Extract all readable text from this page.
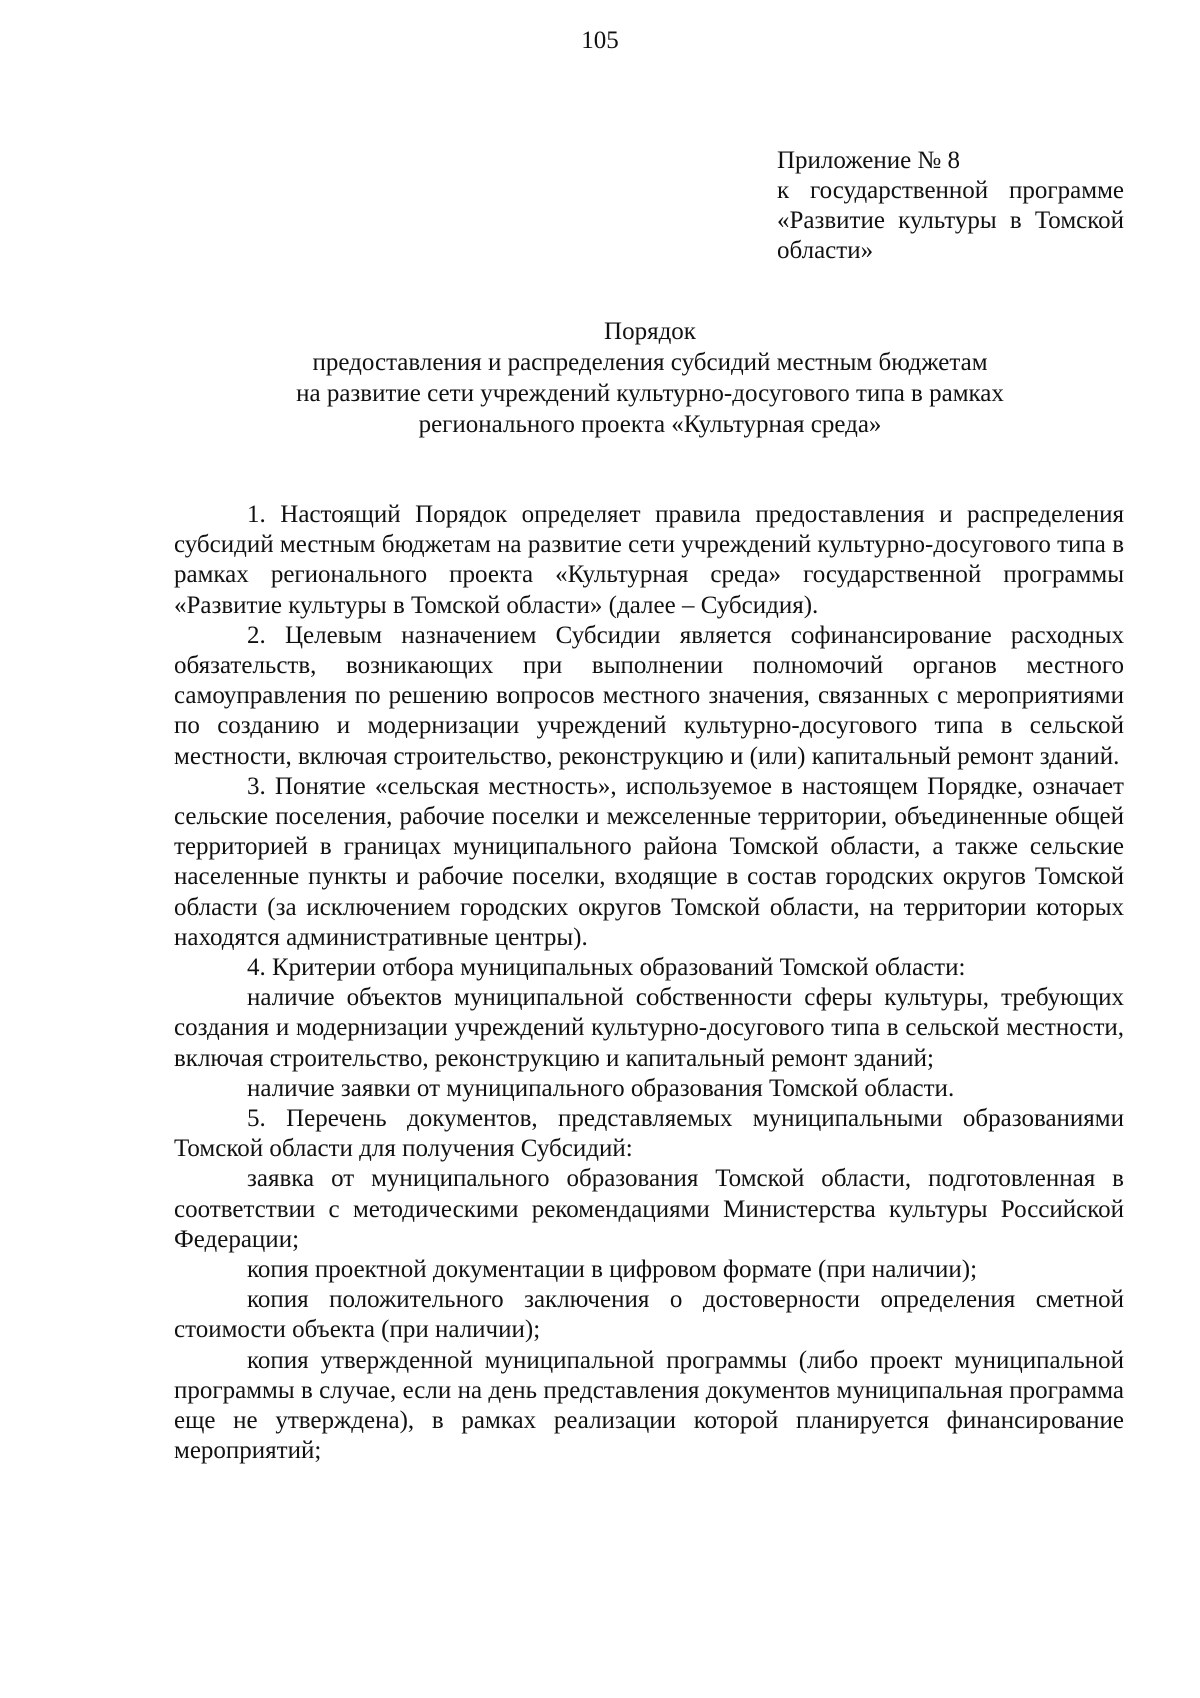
105
Приложение № 8
к государственной программе
«Развитие культуры в Томской
области»
Порядок
предоставления и распределения субсидий местным бюджетам
на развитие сети учреждений культурно-досугового типа в рамках
регионального проекта «Культурная среда»

1. Настоящий Порядок определяет правила предоставления и распределения субсидий местным бюджетам на развитие сети учреждений культурно-досугового типа в рамках регионального проекта «Культурная среда» государственной программы «Развитие культуры в Томской области» (далее – Субсидия).

2. Целевым назначением Субсидии является софинансирование расходных обязательств, возникающих при выполнении полномочий органов местного самоуправления по решению вопросов местного значения, связанных с мероприятиями по созданию и модернизации учреждений культурно-досугового типа в сельской местности, включая строительство, реконструкцию и (или) капитальный ремонт зданий.

3. Понятие «сельская местность», используемое в настоящем Порядке, означает сельские поселения, рабочие поселки и межселенные территории, объединенные общей территорией в границах муниципального района Томской области, а также сельские населенные пункты и рабочие поселки, входящие в состав городских округов Томской области (за исключением городских округов Томской области, на территории которых находятся административные центры).

4. Критерии отбора муниципальных образований Томской области:

наличие объектов муниципальной собственности сферы культуры, требующих создания и модернизации учреждений культурно-досугового типа в сельской местности, включая строительство, реконструкцию и капитальный ремонт зданий;

наличие заявки от муниципального образования Томской области.

5. Перечень документов, представляемых муниципальными образованиями Томской области для получения Субсидий:

заявка от муниципального образования Томской области, подготовленная в соответствии с методическими рекомендациями Министерства культуры Российской Федерации;

копия проектной документации в цифровом формате (при наличии);

копия положительного заключения о достоверности определения сметной стоимости объекта (при наличии);

копия утвержденной муниципальной программы (либо проект муниципальной программы в случае, если на день представления документов муниципальная программа еще не утверждена), в рамках реализации которой планируется финансирование мероприятий;
